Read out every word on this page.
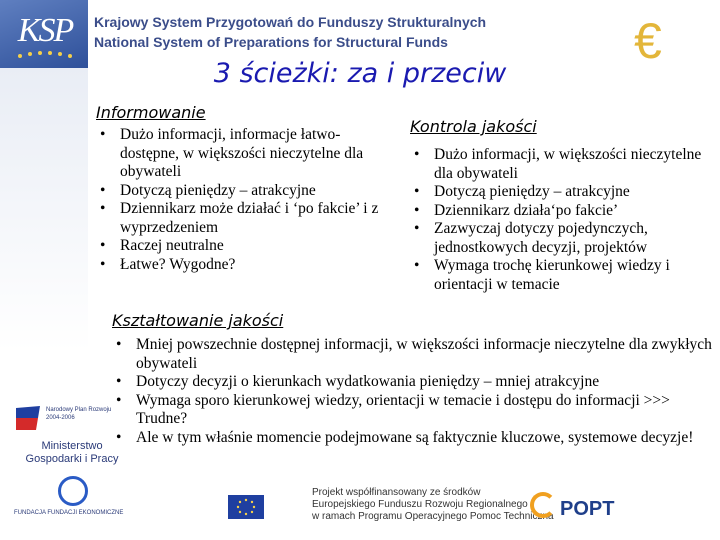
KSP	Krajowy System Przygotowań do Funduszy Strukturalnych
National System of Preparations for Structural Funds	€
3 ścieżki: za i przeciw
Informowanie
• Dużo informacji, informacje łatwo-dostępne, w większości nieczytelne dla obywateli
• Dotyczą pieniędzy – atrakcyjne
• Dziennikarz może działać i ‘po fakcie’ i z wyprzedzeniem
• Raczej neutralne
• Łatwe? Wygodne?
Kontrola jakości
• Dużo informacji, w większości nieczytelne dla obywateli
• Dotyczą pieniędzy – atrakcyjne
• Dziennikarz działa‘po fakcie’
• Zazwyczaj dotyczy pojedynczych, jednostkowych decyzji, projektów
• Wymaga trochę kierunkowej wiedzy i orientacji w temacie
Kształtowanie jakości
• Mniej powszechnie dostępnej informacji, w większości informacje nieczytelne dla zwykłych obywateli
• Dotyczy decyzji o kierunkach wydatkowania pieniędzy – mniej atrakcyjne
• Wymaga sporo kierunkowej wiedzy, orientacji w temacie i dostępu do informacji >>> Trudne?
• Ale w tym właśnie momencie podejmowane są faktycznie kluczowe, systemowe decyzje!
Narodowy Plan Rozwoju 2004-2006
Ministerstwo
Gospodarki i Pracy
FUNDACJA FUNDACJI EKONOMICZNE
Projekt współfinansowany ze środków
Europejskiego Funduszu Rozwoju Regionalnego
w ramach Programu Operacyjnego Pomoc Techniczna POPT
